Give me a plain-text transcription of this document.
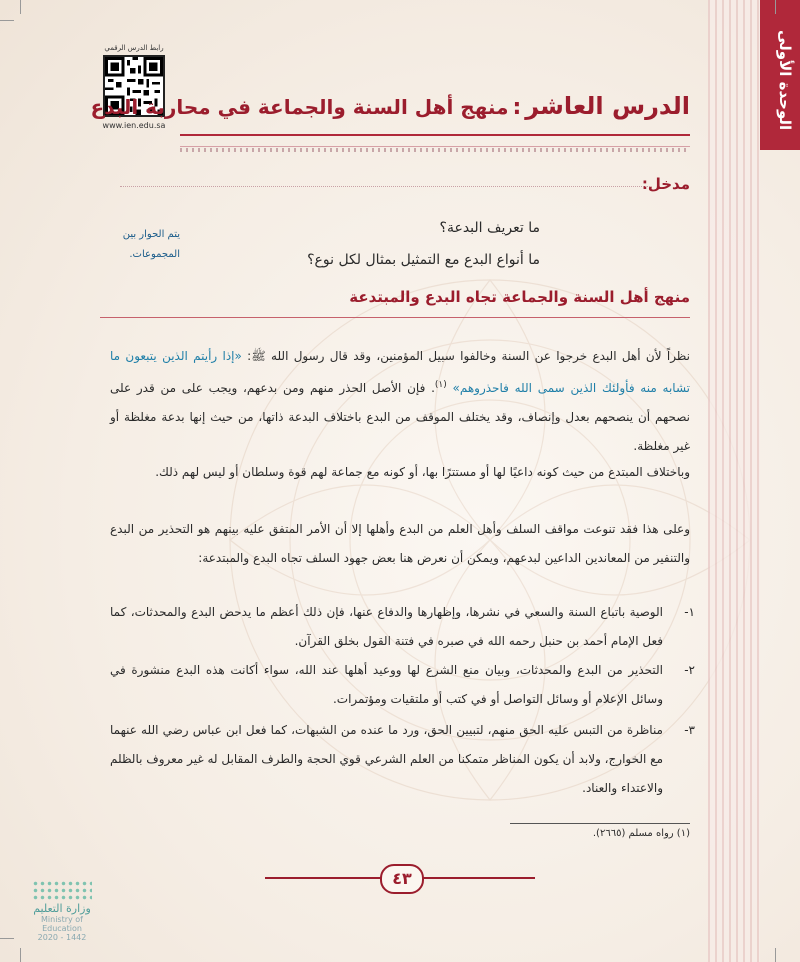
الوحدة الأولى
رابط الدرس الرقمي
www.ien.edu.sa
الدرس العاشر:منهج أهل السنة والجماعة في محاربة البدع
مدخل:
يتم الحوار بين المجموعات.
ما تعريف البدعة؟
ما أنواع البدع مع التمثيل بمثال لكل نوع؟
منهج أهل السنة والجماعة تجاه البدع والمبتدعة
نظراً لأن أهل البدع خرجوا عن السنة وخالفوا سبيل المؤمنين، وقد قال رسول الله ﷺ: «إذا رأيتم الذين يتبعون ما تشابه منه فأولئك الذين سمى الله فاحذروهم» $^{(١)}$. فإن الأصل الحذر منهم ومن بدعهم، ويجب على من قدر على نصحهم أن ينصحهم بعدل وإنصاف، وقد يختلف الموقف من البدع باختلاف البدعة ذاتها، من حيث إنها بدعة مغلظة أو غير مغلظة.
وباختلاف المبتدع من حيث كونه داعيًا لها أو مستترًا بها، أو كونه مع جماعة لهم قوة وسلطان أو ليس لهم ذلك.
وعلى هذا فقد تنوعت مواقف السلف وأهل العلم من البدع وأهلها إلا أن الأمر المتفق عليه بينهم هو التحذير من البدع والتنفير من المعاندين الداعين لبدعهم، ويمكن أن نعرض هنا بعض جهود السلف تجاه البدع والمبتدعة:
١-
الوصية باتباع السنة والسعي في نشرها، وإظهارها والدفاع عنها، فإن ذلك أعظم ما يدحض البدع والمحدثات، كما فعل الإمام أحمد بن حنبل رحمه الله في صبره في فتنة القول بخلق القرآن.
٢-
التحذير من البدع والمحدثات، وبيان منع الشرع لها ووعيد أهلها عند الله، سواء أكانت هذه البدع منشورة في وسائل الإعلام أو وسائل التواصل أو في كتب أو ملتقيات ومؤتمرات.
٣-
مناظرة من التبس عليه الحق منهم، لتبيين الحق، ورد ما عنده من الشبهات، كما فعل ابن عباس رضي الله عنهما مع الخوارج، ولابد أن يكون المناظر متمكنا من العلم الشرعي قوي الحجة والطرف المقابل له غير معروف بالظلم والاعتداء والعناد.
(١) رواه مسلم (٢٦٦٥).
٤٣
وزارة التعليم
Ministry of Education
2020 - 1442
